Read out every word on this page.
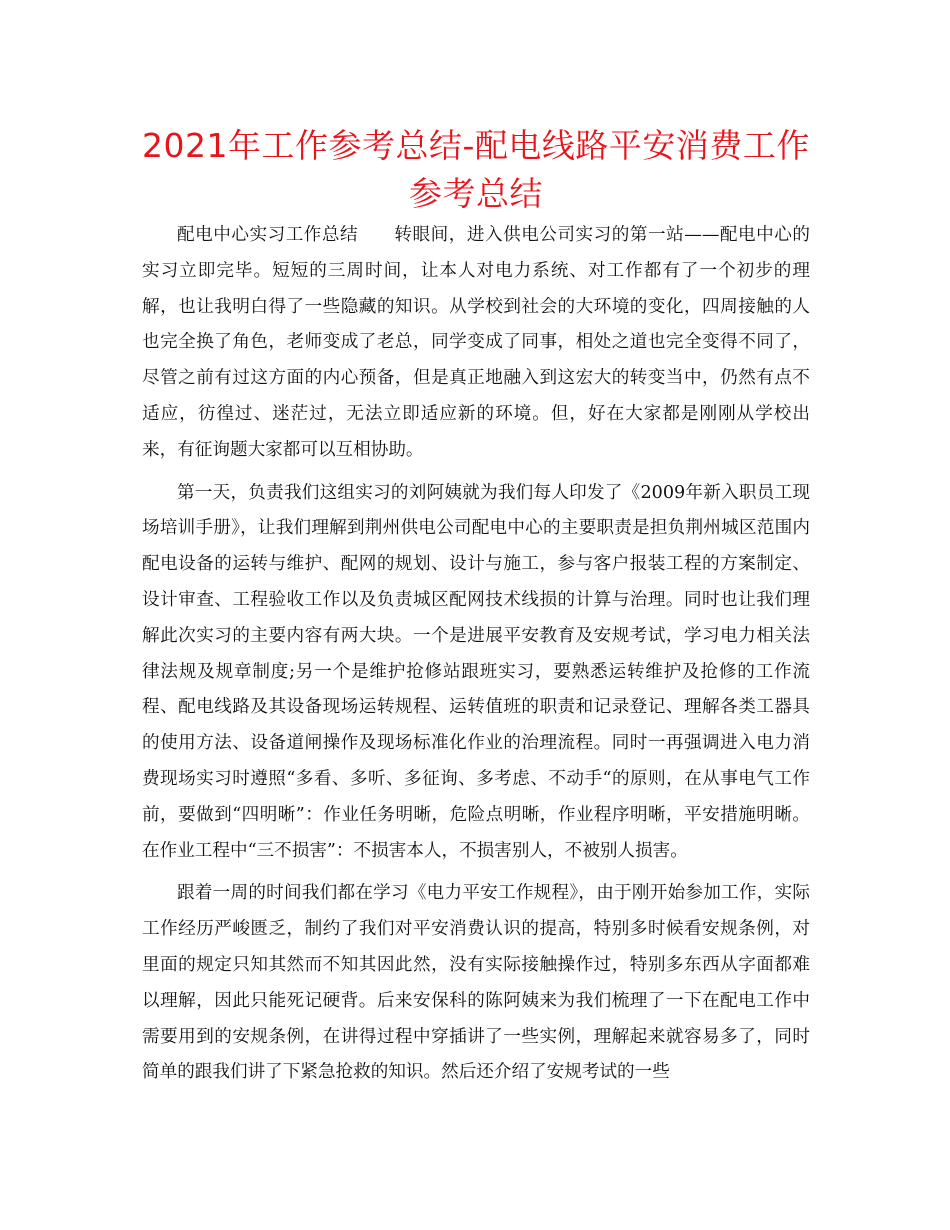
2021年工作参考总结-配电线路平安消费工作参考总结

配电中心实习工作总结　　转眼间，进入供电公司实习的第一站——配电中心的实习立即完毕。短短的三周时间，让本人对电力系统、对工作都有了一个初步的理解，也让我明白得了一些隐藏的知识。从学校到社会的大环境的变化，四周接触的人也完全换了角色，老师变成了老总，同学变成了同事，相处之道也完全变得不同了，尽管之前有过这方面的内心预备，但是真正地融入到这宏大的转变当中，仍然有点不适应，彷徨过、迷茫过，无法立即适应新的环境。但，好在大家都是刚刚从学校出来，有征询题大家都可以互相协助。

第一天，负责我们这组实习的刘阿姨就为我们每人印发了《2009年新入职员工现场培训手册》，让我们理解到荆州供电公司配电中心的主要职责是担负荆州城区范围内配电设备的运转与维护、配网的规划、设计与施工，参与客户报装工程的方案制定、设计审查、工程验收工作以及负责城区配网技术线损的计算与治理。同时也让我们理解此次实习的主要内容有两大块。一个是进展平安教育及安规考试，学习电力相关法律法规及规章制度;另一个是维护抢修站跟班实习，要熟悉运转维护及抢修的工作流程、配电线路及其设备现场运转规程、运转值班的职责和记录登记、理解各类工器具的使用方法、设备道闸操作及现场标准化作业的治理流程。同时一再强调进入电力消费现场实习时遵照“多看、多听、多征询、多考虑、不动手“的原则，在从事电气工作前，要做到“四明晰”：作业任务明晰，危险点明晰，作业程序明晰，平安措施明晰。在作业工程中“三不损害”：不损害本人，不损害别人，不被别人损害。

跟着一周的时间我们都在学习《电力平安工作规程》，由于刚开始参加工作，实际工作经历严峻匮乏，制约了我们对平安消费认识的提高，特别多时候看安规条例，对里面的规定只知其然而不知其因此然，没有实际接触操作过，特别多东西从字面都难以理解，因此只能死记硬背。后来安保科的陈阿姨来为我们梳理了一下在配电工作中需要用到的安规条例，在讲得过程中穿插讲了一些实例，理解起来就容易多了，同时简单的跟我们讲了下紧急抢救的知识。然后还介绍了安规考试的一些
